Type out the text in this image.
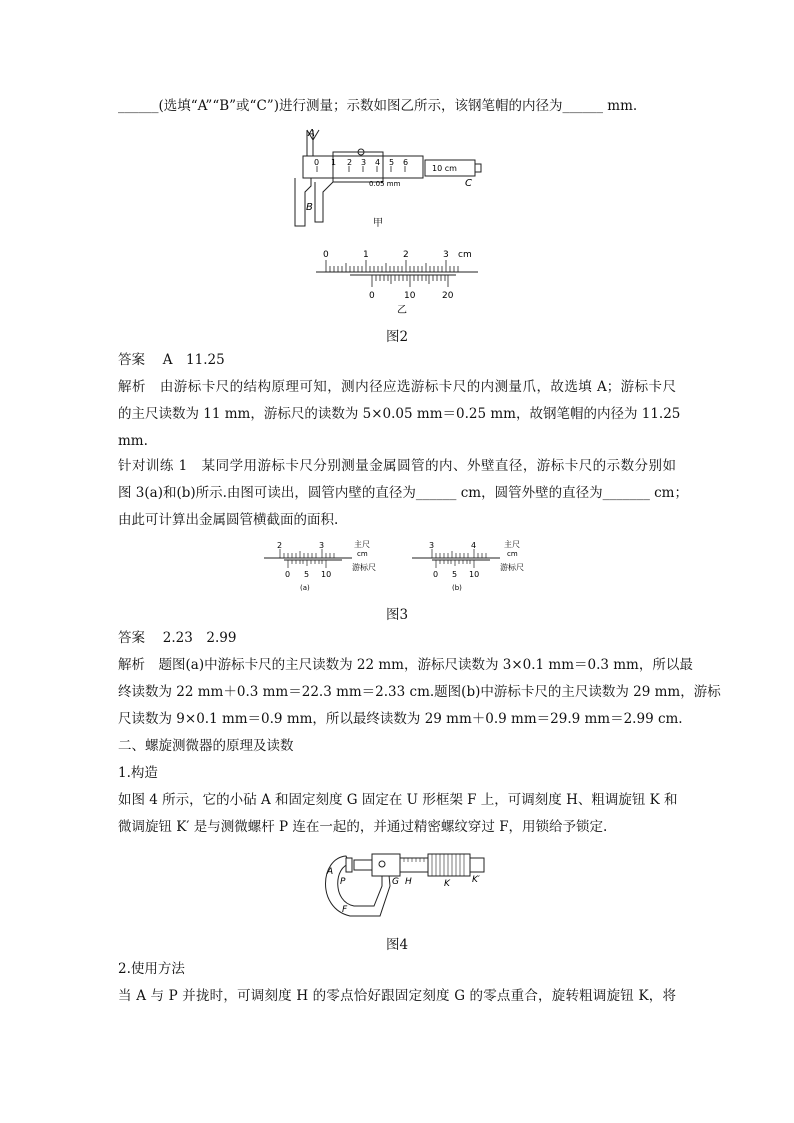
______(选填“A”“B”或“C”)进行测量；示数如图乙所示，该钢笔帽的内径为______ mm.
A
B
C
0 1 2 3 4 5 6
10 cm
0.05 mm
甲
0	1	2	3 cm
0	10	20
乙
图2
答案　 A　11.25
解析　 由游标卡尺的结构原理可知，测内径应选游标卡尺的内测量爪，故选填 A；游标卡尺
的主尺读数为 11 mm，游标尺的读数为 5×0.05 mm＝0.25 mm，故钢笔帽的内径为 11.25
mm.
针对训练 1　某同学用游标卡尺分别测量金属圆管的内、外壁直径，游标卡尺的示数分别如
图 3(a)和(b)所示.由图可读出，圆管内壁的直径为______ cm，圆管外壁的直径为_______ cm；
由此可计算出金属圆管横截面的面积.
2	3	主尺
cm
游标尺
0 5 10
(a)
3	4	主尺
cm
游标尺
0 5 10
(b)
图3
答案　 2.23　2.99
解析　 题图(a)中游标卡尺的主尺读数为 22 mm，游标尺读数为 3×0.1 mm＝0.3 mm，所以最
终读数为 22 mm＋0.3 mm＝22.3 mm＝2.33 cm.题图(b)中游标卡尺的主尺读数为 29 mm，游标
尺读数为 9×0.1 mm＝0.9 mm，所以最终读数为 29 mm＋0.9 mm＝29.9 mm＝2.99 cm.
二、螺旋测微器的原理及读数
1.构造
如图 4 所示，它的小砧 A 和固定刻度 G 固定在 U 形框架 F 上，可调刻度 H、粗调旋钮 K 和
微调旋钮 K′ 是与测微螺杆 P 连在一起的，并通过精密螺纹穿过 F，用锁给予锁定.
A
P	G H	K K′
F
图4
2.使用方法
当 A 与 P 并拢时，可调刻度 H 的零点恰好跟固定刻度 G 的零点重合，旋转粗调旋钮 K，将
